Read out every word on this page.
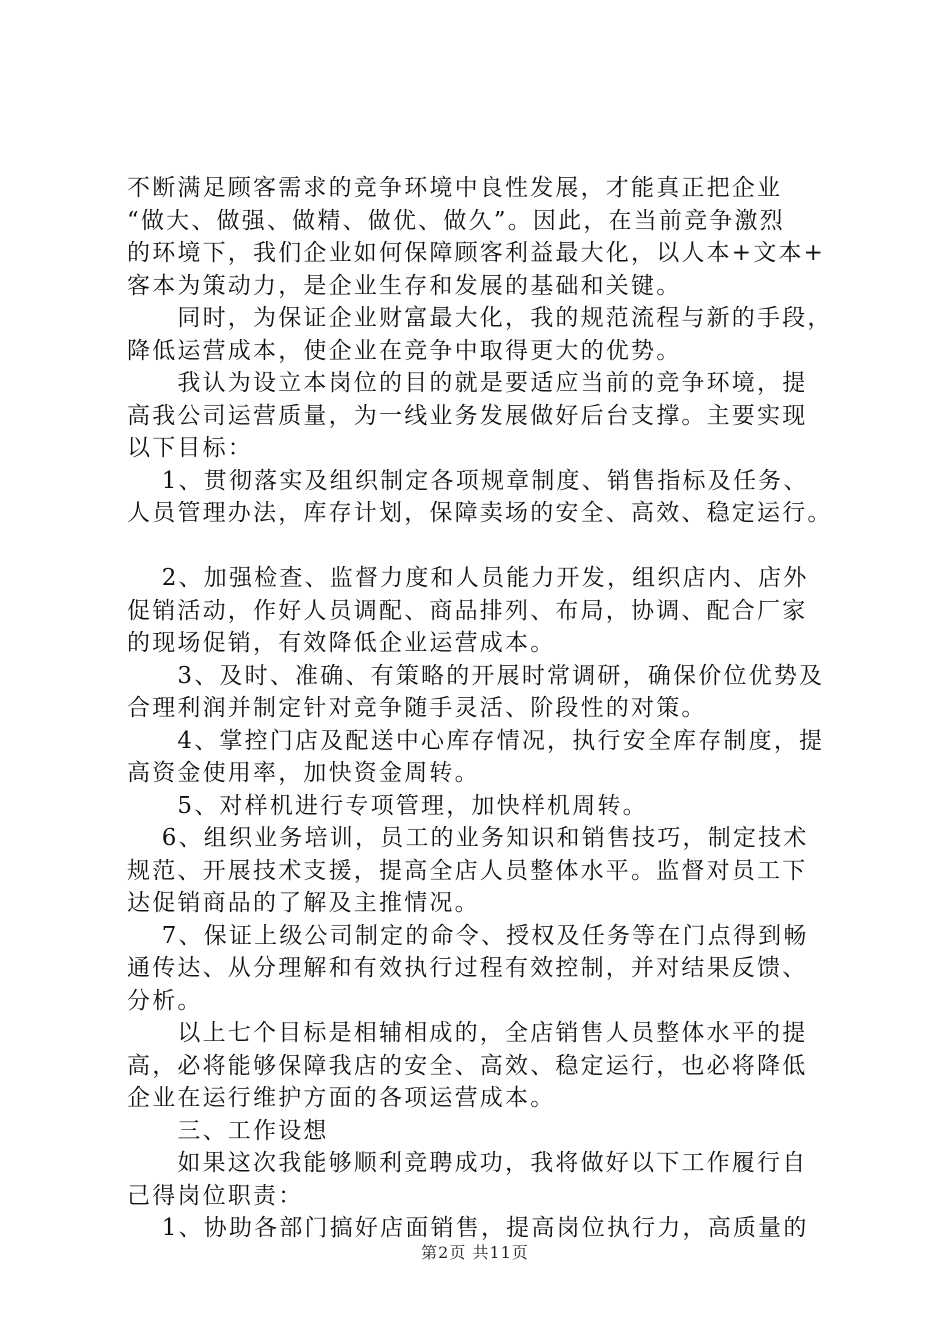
不断满足顾客需求的竞争环境中良性发展，才能真正把企业
“做大、做强、做精、做优、做久”。因此，在当前竞争激烈
的环境下，我们企业如何保障顾客利益最大化，以人本+文本+
客本为策动力，是企业生存和发展的基础和关键。
　　同时，为保证企业财富最大化，我的规范流程与新的手段，
降低运营成本，使企业在竞争中取得更大的优势。
　　我认为设立本岗位的目的就是要适应当前的竞争环境，提
高我公司运营质量，为一线业务发展做好后台支撑。主要实现
以下目标：
　 1、贯彻落实及组织制定各项规章制度、销售指标及任务、
人员管理办法，库存计划，保障卖场的安全、高效、稳定运行。
　 2、加强检查、监督力度和人员能力开发，组织店内、店外
促销活动，作好人员调配、商品排列、布局，协调、配合厂家
的现场促销，有效降低企业运营成本。
　　3、及时、准确、有策略的开展时常调研，确保价位优势及
合理利润并制定针对竞争随手灵活、阶段性的对策。
　　4、掌控门店及配送中心库存情况，执行安全库存制度，提
高资金使用率，加快资金周转。
　　5、对样机进行专项管理，加快样机周转。
　 6、组织业务培训，员工的业务知识和销售技巧，制定技术
规范、开展技术支援，提高全店人员整体水平。监督对员工下
达促销商品的了解及主推情况。
　 7、保证上级公司制定的命令、授权及任务等在门点得到畅
通传达、从分理解和有效执行过程有效控制，并对结果反馈、
分析。
　　以上七个目标是相辅相成的，全店销售人员整体水平的提
高，必将能够保障我店的安全、高效、稳定运行，也必将降低
企业在运行维护方面的各项运营成本。
　　三、工作设想
　　如果这次我能够顺利竞聘成功，我将做好以下工作履行自
己得岗位职责：
　 1、协助各部门搞好店面销售，提高岗位执行力，高质量的
第2页 共11页
